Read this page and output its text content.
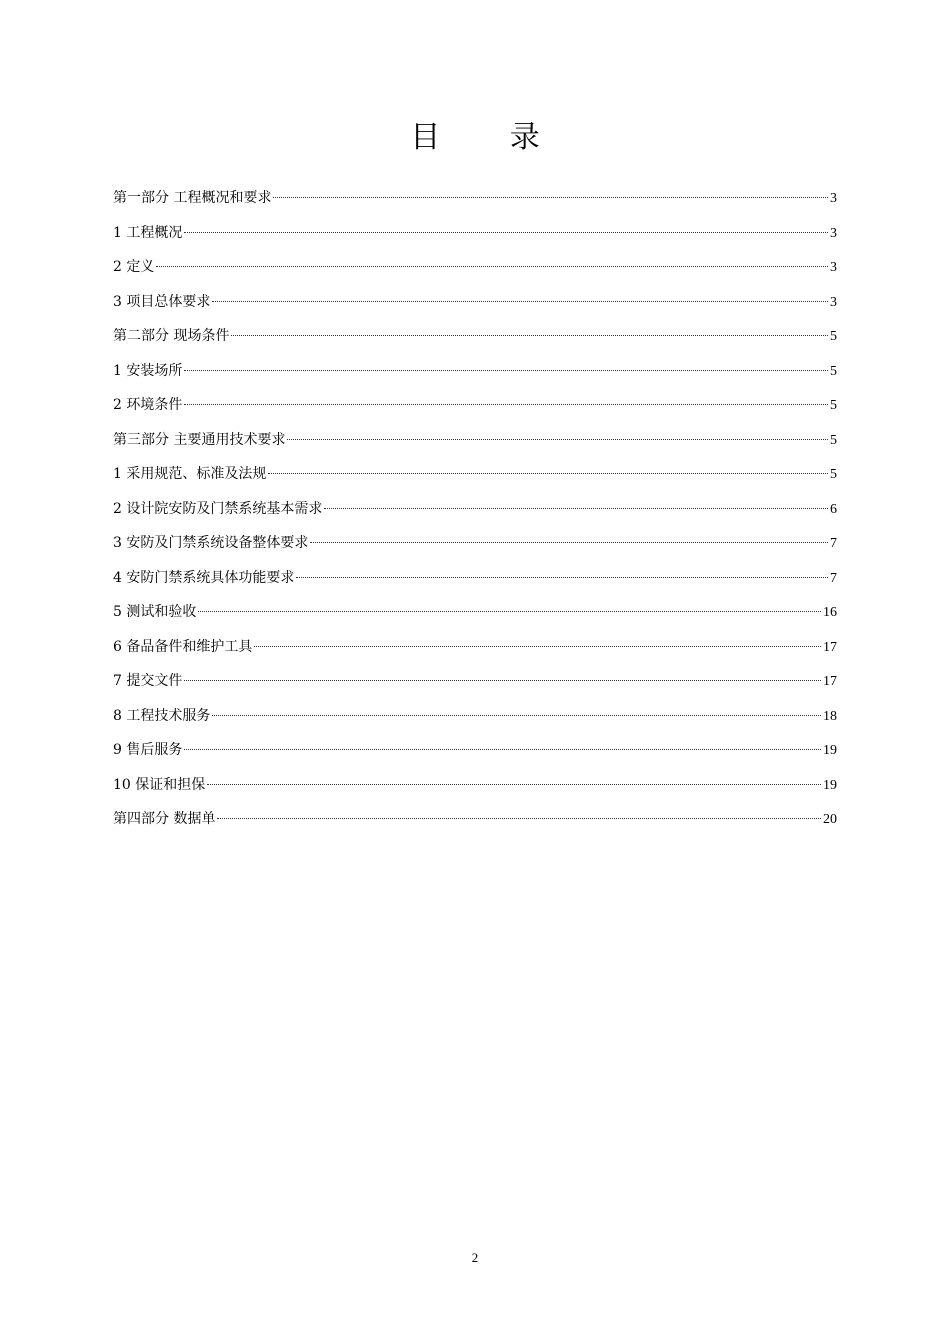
目 录
第一部分 工程概况和要求	3
1 工程概况	3
2 定义	3
3 项目总体要求	3
第二部分 现场条件	5
1 安装场所	5
2 环境条件	5
第三部分 主要通用技术要求	5
1 采用规范、标准及法规	5
2 设计院安防及门禁系统基本需求	6
3 安防及门禁系统设备整体要求	7
4 安防门禁系统具体功能要求	7
5 测试和验收	16
6 备品备件和维护工具	17
7 提交文件	17
8 工程技术服务	18
9 售后服务	19
10 保证和担保	19
第四部分 数据单	20
2
